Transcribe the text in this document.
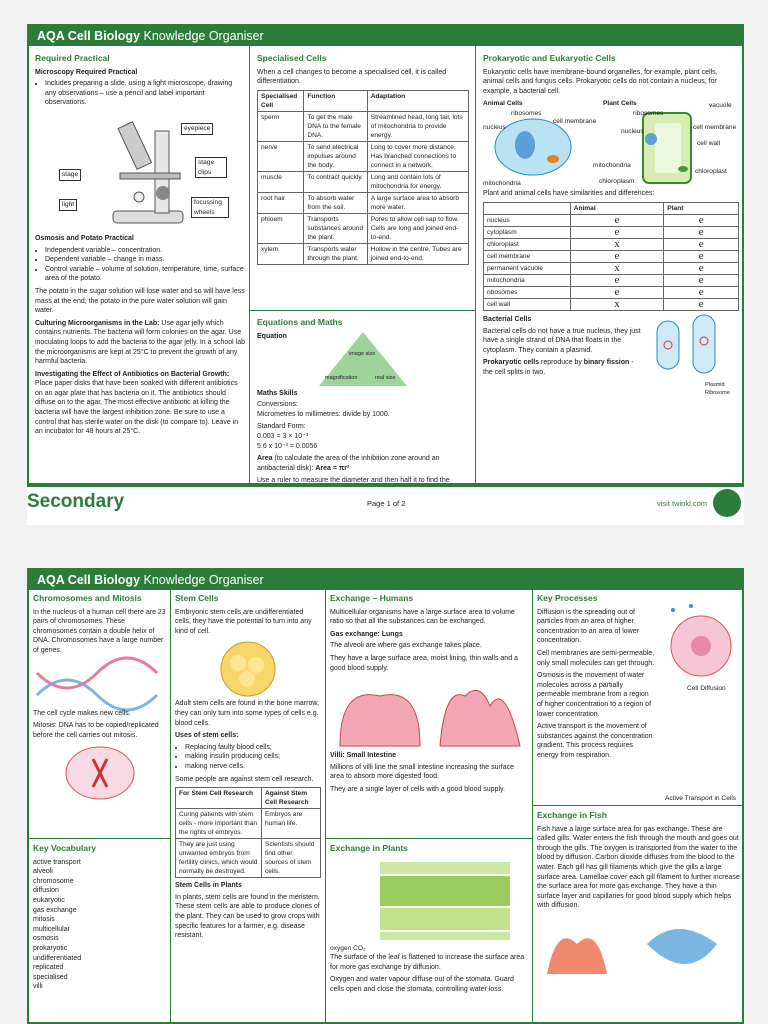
AQA Cell Biology Knowledge Organiser
Required Practical
Microscopy Required Practical
• Includes preparing a slide, using a light microscope, drawing any observations – use a pencil and label important observations.
eyepiece
stage
stage clips
light	focussing wheels
Osmosis and Potato Practical
• Independent variable – concentration.
• Dependent variable – change in mass.
• Control variable – volume of solution, temperature, time, surface area of the potato.

The potato in the sugar solution will lose water and so will have less mass at the end; the potato in the pure water solution will gain water.

Culturing Microorganisms in the Lab: Use agar jelly which contains nutrients. The bacteria will form colonies on the agar. Use inoculating loops to add the bacteria to the agar jelly. In a school lab the microorganisms are kept at 25°C to prevent the growth of any harmful bacteria.

Investigating the Effect of Antibiotics on Bacterial Growth: Place paper disks that have been soaked with different antibiotics on an agar plate that has bacteria on it. The antibiotics should diffuse on to the agar. The most effective antibiotic at killing the bacteria will have the largest inhibition zone. Be sure to use a control that has sterile water on the disk (to compare to). Leave in an incubator for 48 hours at 25°C.

Specialised Cells

When a cell changes to become a specialised cell, it is called differentiation.

Specialised Cell	Function	Adaptation
sperm	To get the male DNA to the female DNA.	Streamlined head, long tail, lots of mitochondria to provide energy.
nerve	To send electrical impulses around the body.	Long to cover more distance. Has branched connections to connect in a network.
muscle	To contract quickly.	Long and contain lots of mitochondria for energy.
root hair	To absorb water from the soil.	A large surface area to absorb more water.
phloem	Transports substances around the plant.	Pores to allow cell sap to flow. Cells are long and joined end-to-end.
xylem	Transports water through the plant.	Hollow in the centre. Tubes are joined end-to-end.
Equations and Maths
Equation
image size
magnification	real size
Maths Skills

Conversions:
Micrometres to millimetres: divide by 1000.

Standard Form:
0.003 = 3 × 10⁻³
5.6 x 10⁻³ = 0.0056

Area (to calculate the area of the inhibition zone around an antibacterial disk): Area = πr²

Use a ruler to measure the diameter and then half it to find the

Prokaryotic and Eukaryotic Cells

Eukaryotic cells have membrane-bound organelles, for example, plant cells, animal cells and fungus cells. Prokaryotic cells do not contain a nucleus, for example, a bacterial cell.

Animal Cells	Plant Cells
ribosomes
cell membrane
nucleus
mitochondria
vacuole
ribosomes
nucleus
cell membrane
cell wall
mitochondria
chloroplasm
chloroplast

Plant and animal cells have similarities and differences:

	Animal	Plant
nucleus	e	e
cytoplasm	e	e
chloroplast	x	e
cell membrane	e	e
permanent vacuole	x	e
mitochondria	e	e
ribosomes	e	e
cell wall	x	e
Bacterial Cells

Bacterial cells do not have a true nucleus, they just have a single strand of DNA that floats in the cytoplasm. They contain a plasmid.

Prokaryotic cells reproduce by binary fission - the cell splits in two.

Plasmid
Ribosome
Secondary	Page 1 of 2	visit twinkl.com
AQA Cell Biology Knowledge Organiser
Chromosomes and Mitosis

In the nucleus of a human cell there are 23 pairs of chromosomes. These chromosomes contain a double helix of DNA. Chromosomes have a large number of genes.

The cell cycle makes new cells.

Mitosis: DNA has to be copied/replicated before the cell carries out mitosis.

Key Vocabulary
active transport
alveoli
chromosome
diffusion
eukaryotic
gas exchange
mitosis
multicellular
osmosis
prokaryotic
undifferentiated
replicated
specialised
villi
Stem Cells

Embryonic stem cells are undifferentiated cells, they have the potential to turn into any kind of cell.

Adult stem cells are found in the bone marrow, they can only turn into some types of cells e.g. blood cells.

Uses of stem cells:
• Replacing faulty blood cells;
• making insulin producing cells;
• making nerve cells.

Some people are against stem cell research.

For Stem Cell Research	Against Stem Cell Research
Curing patients with stem cells - more important than the rights of embryos.	Embryos are human life.
They are just using unwanted embryos from fertility clinics, which would normally be destroyed.	Scientists should find other sources of stem cells.
Stem Cells in Plants

In plants, stem cells are found in the meristem. These stem cells are able to produce clones of the plant. They can be used to grow crops with specific features for a farmer, e.g. disease resistant.

Exchange – Humans

Multicellular organisms have a large surface area to volume ratio so that all the substances can be exchanged.

Gas exchange: Lungs

The alveoli are where gas exchange takes place.

They have a large surface area, moist lining, thin walls and a good blood supply.

Villi: Small Intestine

Millions of villi line the small intestine increasing the surface area to absorb more digested food.

They are a single layer of cells with a good blood supply.

Exchange in Plants
oxygen CO₂

The surface of the leaf is flattened to increase the surface area for more gas exchange by diffusion.

Oxygen and water vapour diffuse out of the stomata. Guard cells open and close the stomata, controlling water loss.

Key Processes

Diffusion is the spreading out of particles from an area of higher concentration to an area of lower concentration.

Cell membranes are semi-permeable, only small molecules can get through.

Osmosis is the movement of water molecules across a partially permeable membrane from a region of higher concentration to a region of lower concentration.

Active transport is the movement of substances against the concentration gradient. This process requires energy from respiration.

Cell Diffusion
Active Transport in Cells
Exchange in Fish

Fish have a large surface area for gas exchange. These are called gills. Water enters the fish through the mouth and goes out through the gills. The oxygen is transported from the water to the blood by diffusion. Carbon dioxide diffuses from the blood to the water. Each gill has gill filaments which give the gills a large surface area. Lamellae cover each gill filament to further increase the surface area for more gas exchange. They have a thin surface layer and capillaries for good blood supply which helps with diffusion.
